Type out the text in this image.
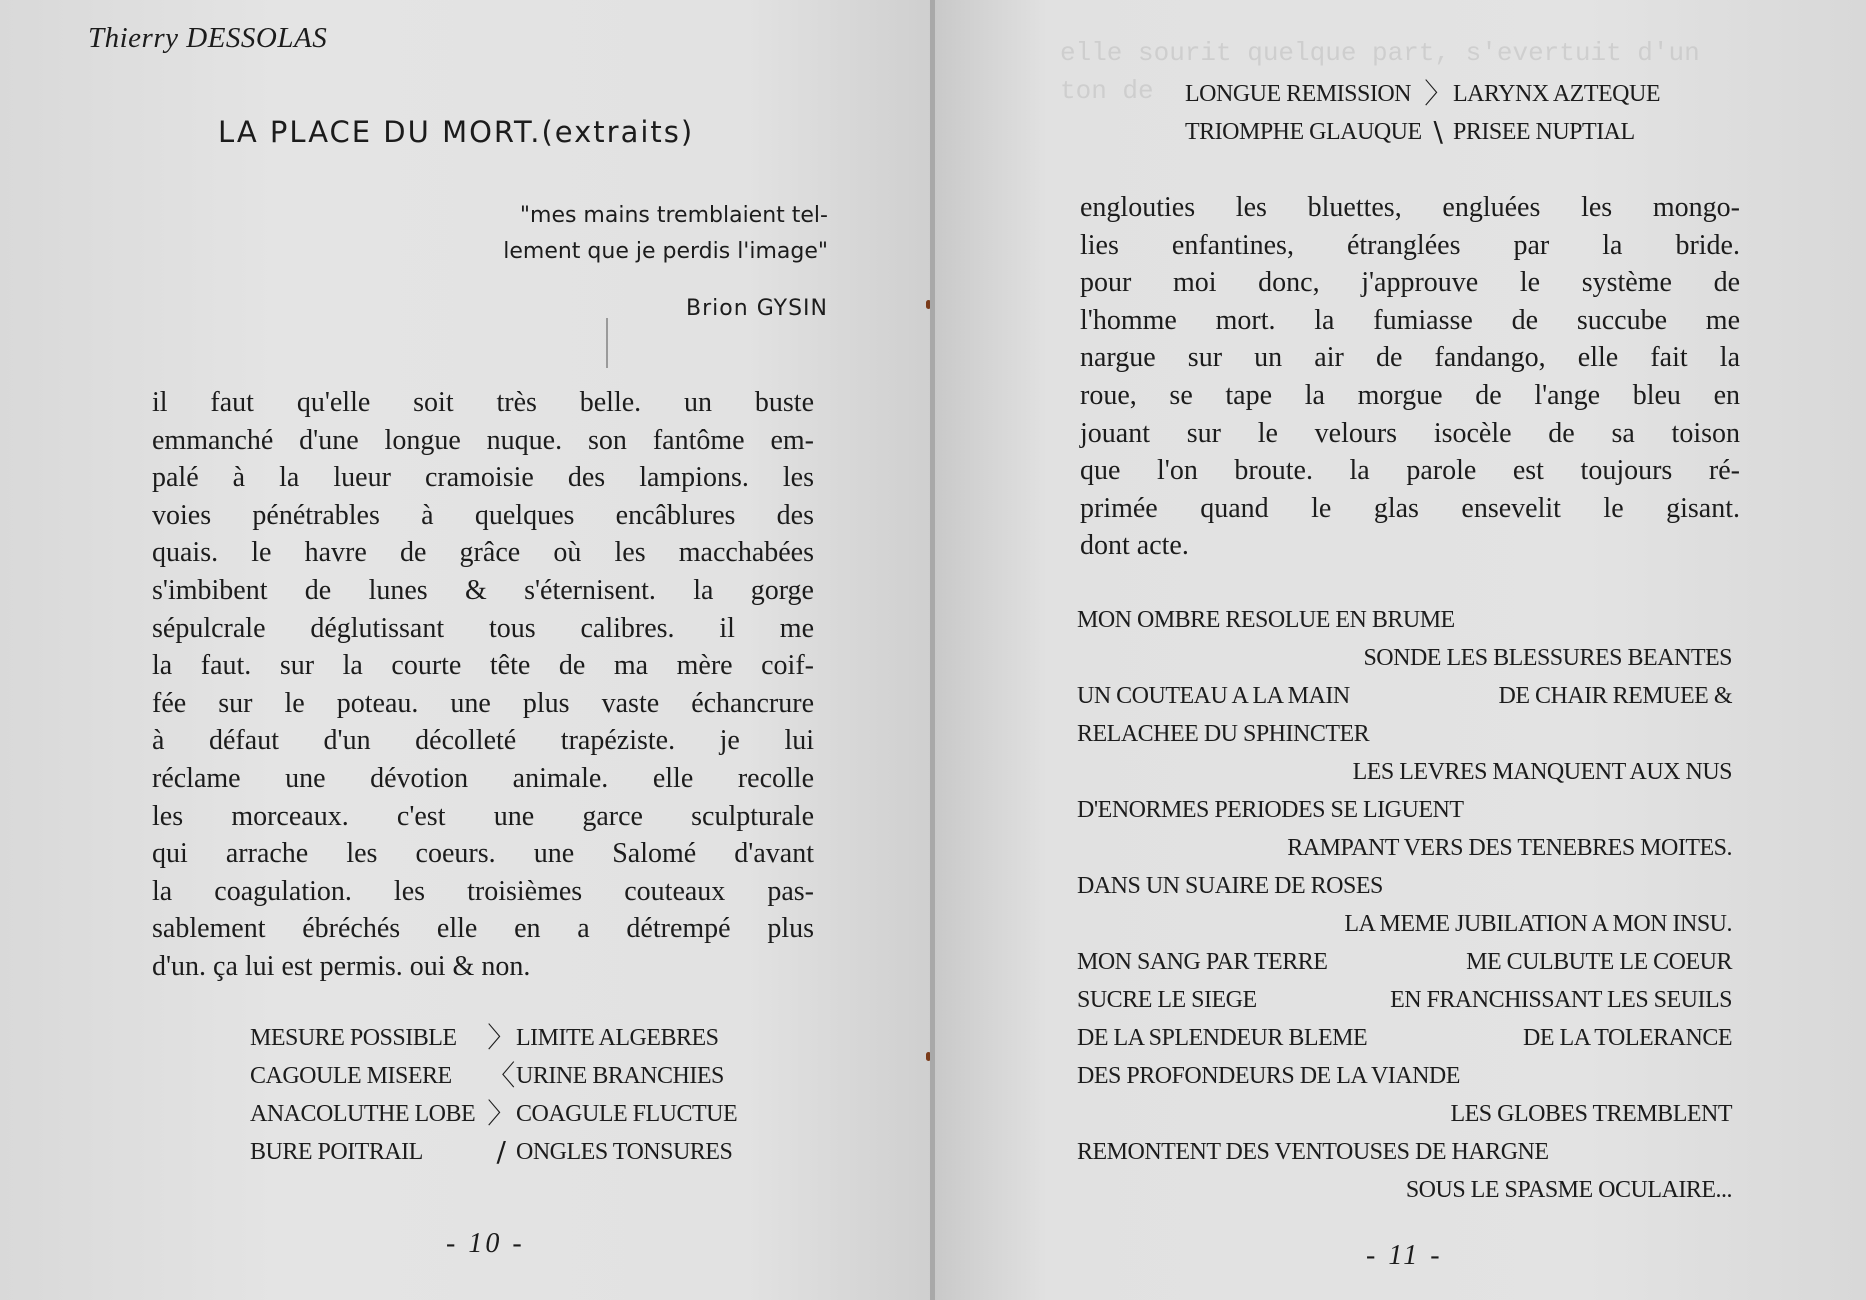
Thierry DESSOLAS
LA PLACE DU MORT.(extraits)
"mes mains tremblaient tel-
lement que je perdis l'image"
Brion GYSIN
il faut qu'elle soit très belle. un buste
emmanché d'une longue nuque. son fantôme em-
palé à la lueur cramoisie des lampions. les
voies pénétrables à quelques encâblures des
quais. le havre de grâce où les macchabées
s'imbibent de lunes & s'éternisent. la gorge
sépulcrale déglutissant tous calibres. il me
la faut. sur la courte tête de ma mère coif-
fée sur le poteau. une plus vaste échancrure
à défaut d'un décolleté trapéziste. je lui
réclame une dévotion animale. elle recolle
les morceaux. c'est une garce sculpturale
qui arrache les coeurs. une Salomé d'avant
la coagulation. les troisièmes couteaux pas-
sablement ébréchés elle en a détrempé plus
d'un. ça lui est permis. oui & non.
MESURE POSSIBLE	〉 LIMITE ALGEBRES
CAGOULE MISERE	〈 URINE BRANCHIES
ANACOLUTHE LOBE 〉 COAGULE FLUCTUE
BURE POITRAIL	/ ONGLES TONSURES
- 10 -
elle sourit quelque part, s'evertuit d'un
ton de LONGUE REMISSION 〉 LARYNX AZTEQUE
TRIOMPHE GLAUQUE \ PRISEE NUPTIAL
englouties les bluettes, engluées les mongo-
lies enfantines, étranglées par la bride.
pour moi donc, j'approuve le système de
l'homme mort. la fumiasse de succube me
nargue sur un air de fandango, elle fait la
roue, se tape la morgue de l'ange bleu en
jouant sur le velours isocèle de sa toison
que l'on broute. la parole est toujours ré-
primée quand le glas ensevelit le gisant.
dont acte.
MON OMBRE RESOLUE EN BRUME
SONDE LES BLESSURES BEANTES
UN COUTEAU A LA MAIN	DE CHAIR REMUEE &
RELACHEE DU SPHINCTER
LES LEVRES MANQUENT AUX NUS
D'ENORMES PERIODES SE LIGUENT
RAMPANT VERS DES TENEBRES MOITES.
DANS UN SUAIRE DE ROSES
LA MEME JUBILATION A MON INSU.
MON SANG PAR TERRE	ME CULBUTE LE COEUR
SUCRE LE SIEGE	EN FRANCHISSANT LES SEUILS
DE LA SPLENDEUR BLEME	DE LA TOLERANCE
DES PROFONDEURS DE LA VIANDE
LES GLOBES TREMBLENT
REMONTENT DES VENTOUSES DE HARGNE
SOUS LE SPASME OCULAIRE...
- 11 -
